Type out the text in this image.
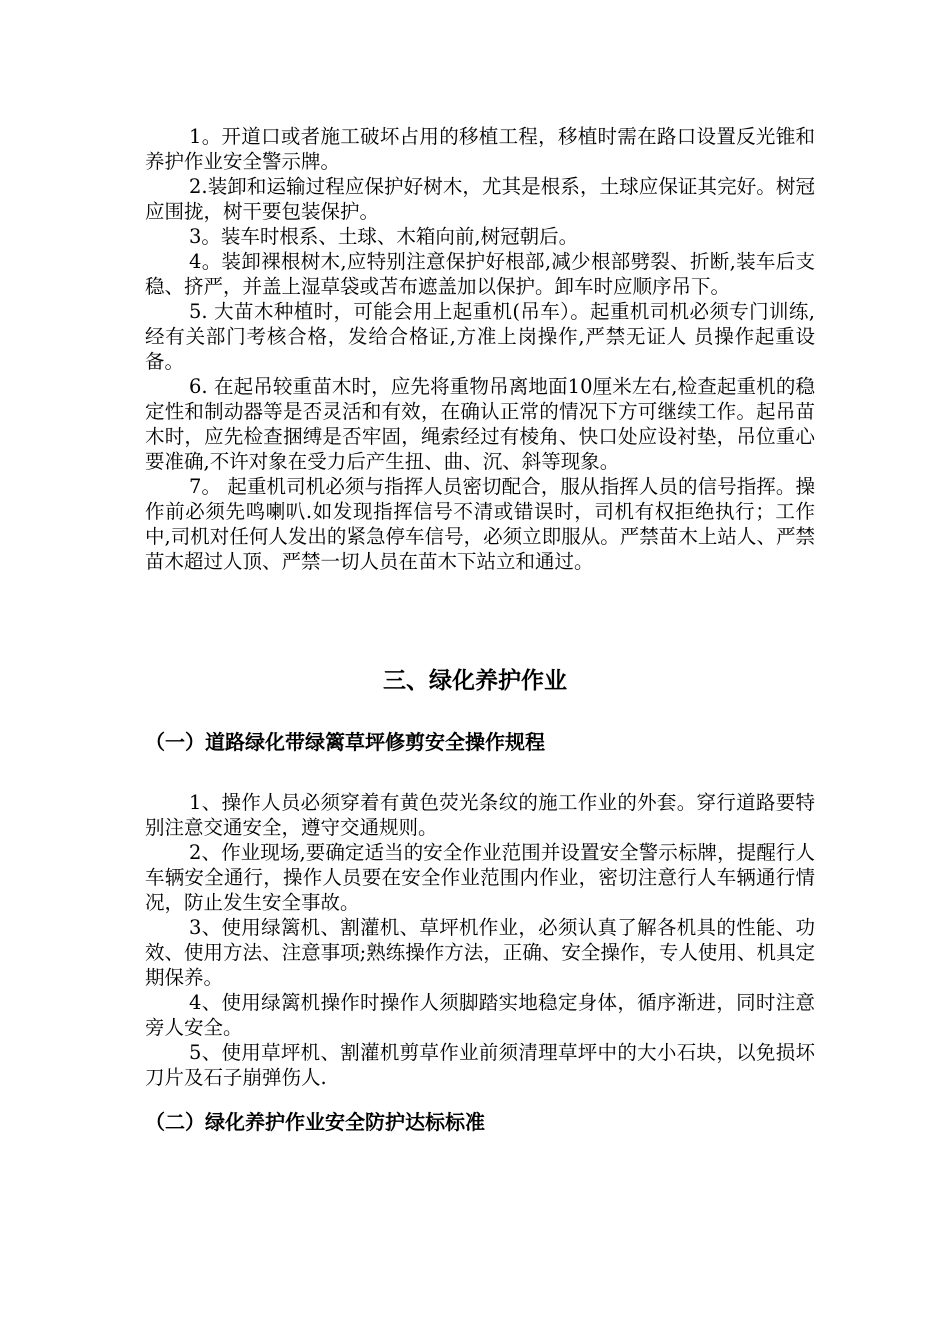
1。开道口或者施工破坏占用的移植工程，移植时需在路口设置反光锥和养护作业安全警示牌。

2.装卸和运输过程应保护好树木，尤其是根系，土球应保证其完好。树冠应围拢，树干要包装保护。

3。装车时根系、土球、木箱向前,树冠朝后。

4。装卸裸根树木,应特别注意保护好根部,减少根部劈裂、折断,装车后支稳、挤严，并盖上湿草袋或苫布遮盖加以保护。卸车时应顺序吊下。

5. 大苗木种植时，可能会用上起重机(吊车）。起重机司机必须专门训练,经有关部门考核合格，发给合格证,方准上岗操作,严禁无证人 员操作起重设备。

6. 在起吊较重苗木时，应先将重物吊离地面10厘米左右,检查起重机的稳定性和制动器等是否灵活和有效，在确认正常的情况下方可继续工作。起吊苗木时，应先检查捆缚是否牢固，绳索经过有棱角、快口处应设衬垫，吊位重心要准确,不许对象在受力后产生扭、曲、沉、斜等现象。

7。 起重机司机必须与指挥人员密切配合，服从指挥人员的信号指挥。操作前必须先鸣喇叭.如发现指挥信号不清或错误时，司机有权拒绝执行；工作中,司机对任何人发出的紧急停车信号，必须立即服从。严禁苗木上站人、严禁苗木超过人顶、严禁一切人员在苗木下站立和通过。

三、绿化养护作业
（一）道路绿化带绿篱草坪修剪安全操作规程

1、操作人员必须穿着有黄色荧光条纹的施工作业的外套。穿行道路要特别注意交通安全，遵守交通规则。

2、作业现场,要确定适当的安全作业范围并设置安全警示标牌，提醒行人车辆安全通行，操作人员要在安全作业范围内作业，密切注意行人车辆通行情况，防止发生安全事故。

3、使用绿篱机、割灌机、草坪机作业，必须认真了解各机具的性能、功效、使用方法、注意事项;熟练操作方法，正确、安全操作，专人使用、机具定期保养。

4、使用绿篱机操作时操作人须脚踏实地稳定身体，循序渐进，同时注意旁人安全。

5、使用草坪机、割灌机剪草作业前须清理草坪中的大小石块，以免损坏刀片及石子崩弹伤人.

（二）绿化养护作业安全防护达标标准
